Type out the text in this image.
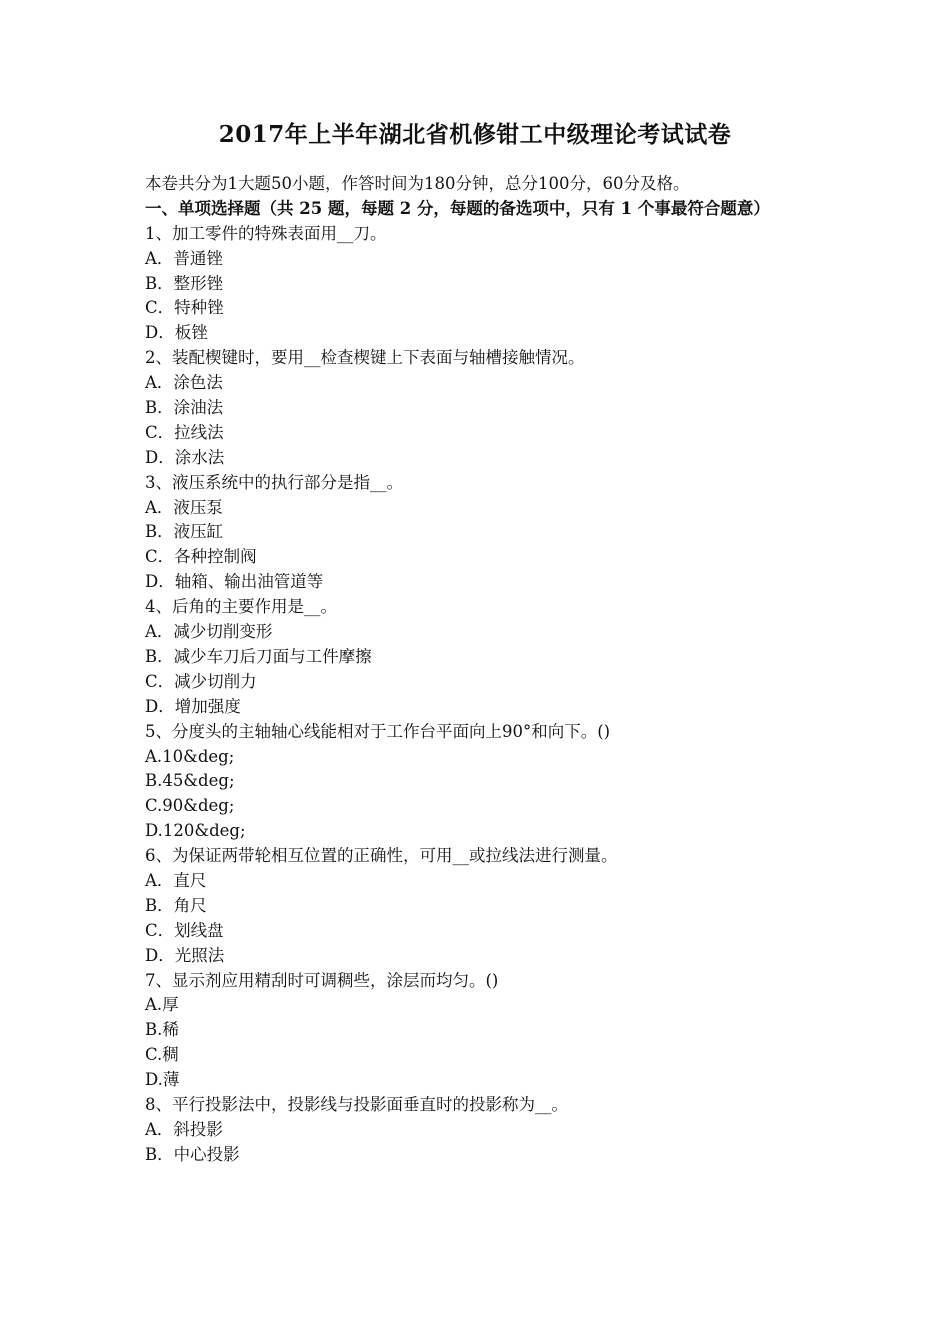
2017年上半年湖北省机修钳工中级理论考试试卷
本卷共分为1大题50小题，作答时间为180分钟，总分100分，60分及格。
一、单项选择题（共 25 题，每题 2 分，每题的备选项中，只有 1 个事最符合题意）
1、加工零件的特殊表面用__刀。
A．普通锉
B．整形锉
C．特种锉
D．板锉
2、装配楔键时，要用__检查楔键上下表面与轴槽接触情况。
A．涂色法
B．涂油法
C．拉线法
D．涂水法
3、液压系统中的执行部分是指__。
A．液压泵
B．液压缸
C．各种控制阀
D．轴箱、输出油管道等
4、后角的主要作用是__。
A．减少切削变形
B．减少车刀后刀面与工件摩擦
C．减少切削力
D．增加强度
5、分度头的主轴轴心线能相对于工作台平面向上90°和向下。()
A.10&deg;
B.45&deg;
C.90&deg;
D.120&deg;
6、为保证两带轮相互位置的正确性，可用__或拉线法进行测量。
A．直尺
B．角尺
C．划线盘
D．光照法
7、显示剂应用精刮时可调稠些，涂层而均匀。()
A.厚
B.稀
C.稠
D.薄
8、平行投影法中，投影线与投影面垂直时的投影称为__。
A．斜投影
B．中心投影
